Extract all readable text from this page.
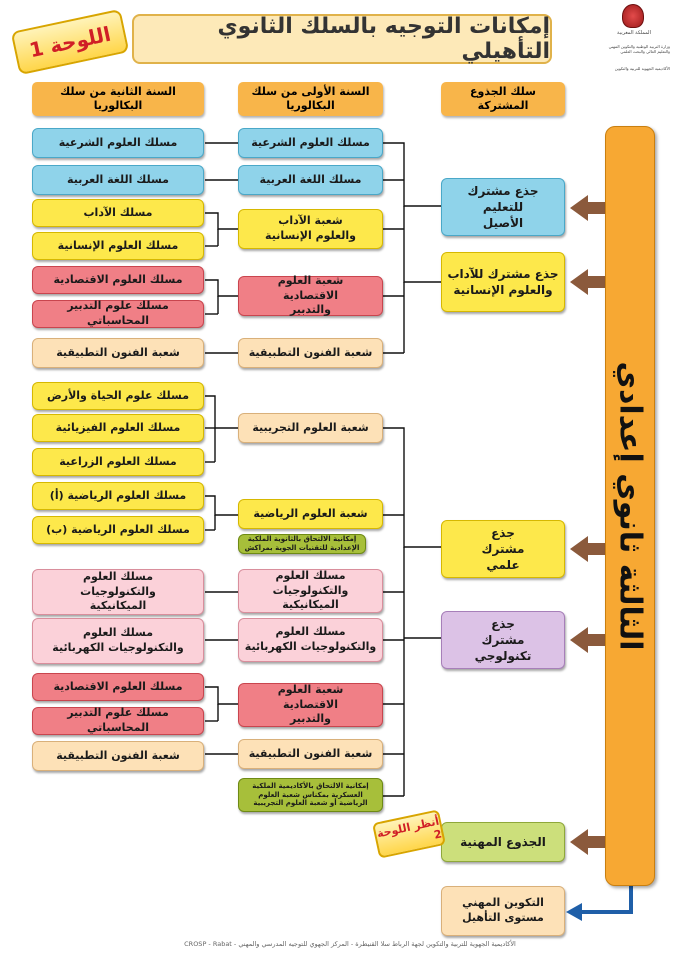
المملكة المغربية
وزارة التربية الوطنية والتكوين المهني والتعليم العالي والبحث العلمي
الأكاديمية الجهوية للتربية والتكوين
إمكانات التوجيه بالسلك الثانوي التأهيلي
اللوحة 1
سلك الجذوع المشتركة
السنة الأولى من سلك البكالوريا
السنة الثانية من سلك البكالوريا
جذع مشترك للتعليم الأصيل
جذع مشترك للآداب والعلوم الإنسانية
جذع مشترك علمي
جذع مشترك تكنولوجي
الجذوع المهنية
التكوين المهني مستوى التأهيل
أنظر اللوحة 2
الثالثة ثانوي إعدادي
مسلك العلوم الشرعية
مسلك اللغة العربية
شعبة الآداب والعلوم الإنسانية
شعبة العلوم الاقتصادية والتدبير
شعبة الفنون التطبيقية
شعبة العلوم التجريبية
شعبة العلوم الرياضية
إمكانية الالتحاق بالثانوية الملكية الإعدادية للتقنيات الجوية بمراكش
مسلك العلوم والتكنولوجيات الميكانيكية
مسلك العلوم والتكنولوجيات الكهربائية
شعبة العلوم الاقتصادية والتدبير
شعبة الفنون التطبيقية
إمكانية الالتحاق بالأكاديمية الملكية العسكرية بمكناس شعبة العلوم الرياضية أو شعبة العلوم التجريبية
مسلك العلوم الشرعية
مسلك اللغة العربية
مسلك الآداب
مسلك العلوم الإنسانية
مسلك العلوم الاقتصادية
مسلك علوم التدبير المحاسباتي
شعبة الفنون التطبيقية
مسلك علوم الحياة والأرض
مسلك العلوم الفيزيائية
مسلك العلوم الزراعية
مسلك العلوم الرياضية (أ)
مسلك العلوم الرياضية (ب)
مسلك العلوم والتكنولوجيات الميكانيكية
مسلك العلوم والتكنولوجيات الكهربائية
مسلك العلوم الاقتصادية
مسلك علوم التدبير المحاسباتي
شعبة الفنون التطبيقية
الأكاديمية الجهوية للتربية والتكوين لجهة الرباط سلا القنيطرة - المركز الجهوي للتوجيه المدرسي والمهني - CROSP - Rabat
